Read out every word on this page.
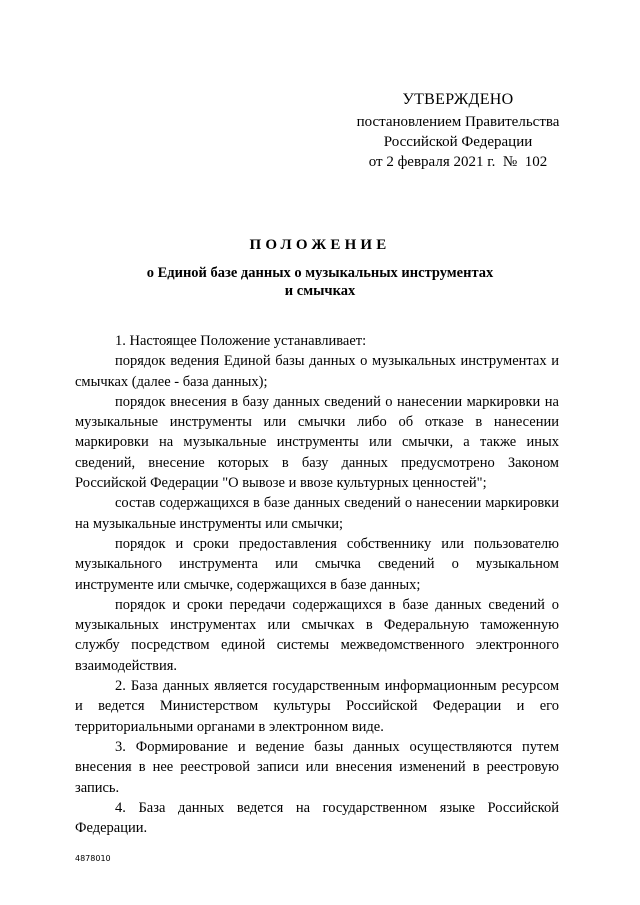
УТВЕРЖДЕНО
постановлением Правительства
Российской Федерации
от 2 февраля 2021 г.  №  102
ПОЛОЖЕНИЕ
о Единой базе данных о музыкальных инструментах
и смычках

1. Настоящее Положение устанавливает:

порядок ведения Единой базы данных о музыкальных инструментах и смычках (далее - база данных);

порядок внесения в базу данных сведений о нанесении маркировки на музыкальные инструменты или смычки либо об отказе в нанесении маркировки на музыкальные инструменты или смычки, а также иных сведений, внесение которых в базу данных предусмотрено Законом Российской Федерации "О вывозе и ввозе культурных ценностей";

состав содержащихся в базе данных сведений о нанесении маркировки на музыкальные инструменты или смычки;

порядок и сроки предоставления собственнику или пользователю музыкального инструмента или смычка сведений о музыкальном инструменте или смычке, содержащихся в базе данных;

порядок и сроки передачи содержащихся в базе данных сведений о музыкальных инструментах или смычках в Федеральную таможенную службу посредством единой системы межведомственного электронного взаимодействия.

2. База данных является государственным информационным ресурсом и ведется Министерством культуры Российской Федерации и его территориальными органами в электронном виде.

3. Формирование и ведение базы данных осуществляются путем внесения в нее реестровой записи или внесения изменений в реестровую запись.

4. База данных ведется на государственном языке Российской Федерации.

4878010
